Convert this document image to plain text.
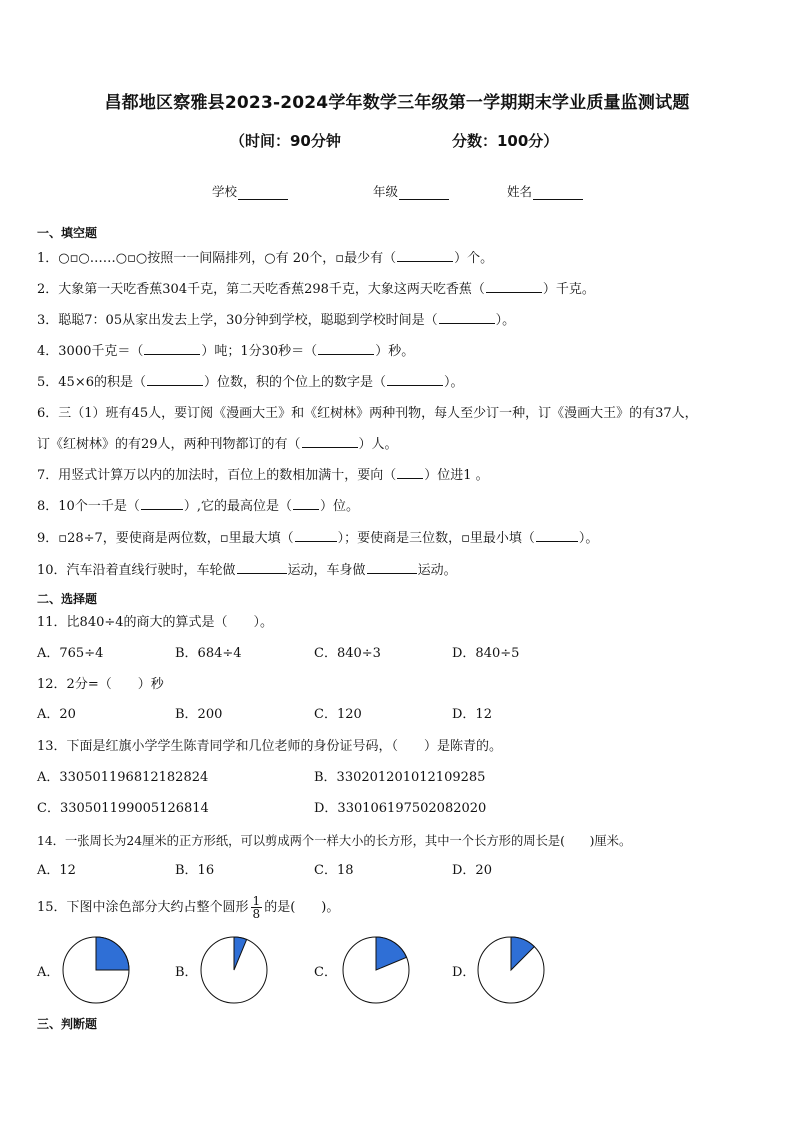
昌都地区察雅县2023-2024学年数学三年级第一学期期末学业质量监测试题
（时间：90分钟	分数：100分）
学校	年级	姓名
一、填空题
1．○▫○……○▫○按照一一间隔排列，○有 20个，▫最少有（	）个。
2．大象第一天吃香蕉304千克，第二天吃香蕉298千克，大象这两天吃香蕉（	）千克。
3．聪聪7：05从家出发去上学，30分钟到学校，聪聪到学校时间是（	）。
4．3000千克＝（	）吨；1分30秒＝（	）秒。
5．45×6的积是（	）位数，积的个位上的数字是（	）。
6．三（1）班有45人，要订阅《漫画大王》和《红树林》两种刊物，每人至少订一种，订《漫画大王》的有37人，
订《红树林》的有29人，两种刊物都订的有（	）人。
7．用竖式计算万以内的加法时，百位上的数相加满十，要向（ ）位进1 。
8．10个一千是（	）,它的最高位是（ ）位。
9．▫28÷7，要使商是两位数，▫里最大填（	）；要使商是三位数，▫里最小填（	）。
10．汽车沿着直线行驶时，车轮做	运动，车身做	运动。
二、选择题
11．比840÷4的商大的算式是（　　）。
A．765÷4	B．684÷4	C．840÷3	D．840÷5
12．2分=（　　）秒
A．20	B．200	C．120	D．12
13．下面是红旗小学学生陈青同学和几位老师的身份证号码，（　　）是陈青的。
A．330501196812182824	B．330201201012109285
C．330501199005126814	D．330106197502082020
14．一张周长为24厘米的正方形纸，可以剪成两个一样大小的长方形，其中一个长方形的周长是(　　)厘米。
A．12	B．16	C．18	D．20
15．下图中涂色部分大约占整个圆形 $\frac{1}{8}$ 的是(　　)。
A．	B．	C．	D．
三、判断题
